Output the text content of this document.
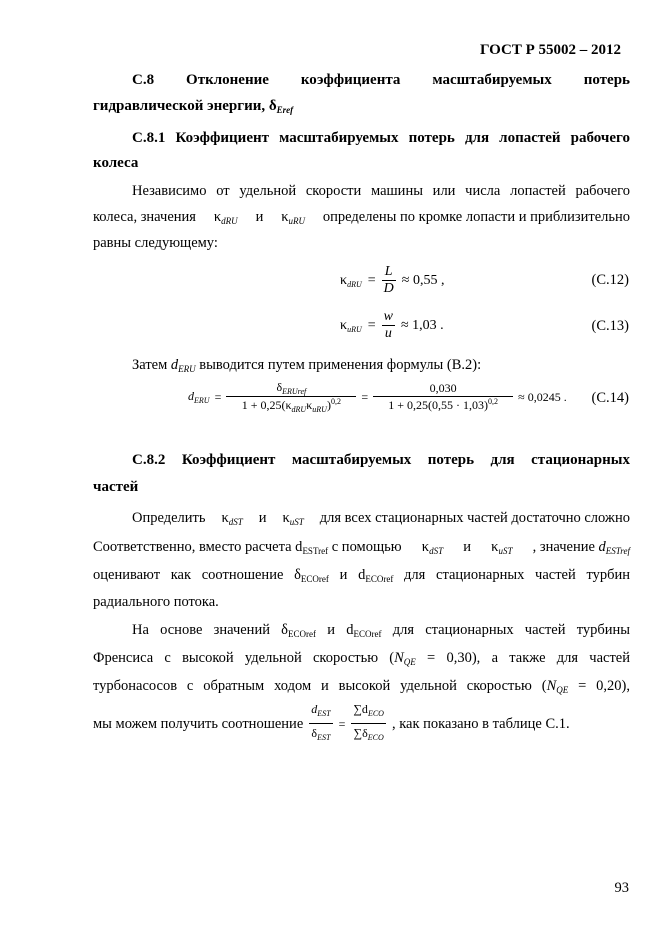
ГОСТ Р 55002 – 2012
С.8 Отклонение коэффициента масштабируемых потерь
гидравлической энергии, $\delta_{Eref}$
С.8.1 Коэффициент масштабируемых потерь для лопастей рабочего
колеса
Независимо от удельной скорости машины или числа лопастей рабочего
колеса, значения $\kappa_{dRU}$ и $\kappa_{uRU}$ определены по кромке лопасти и приблизительно
равны следующему:
$\kappa_{dRU} = \frac{L}{D} \approx 0,55$ ,	(С.12)
$\kappa_{uRU} = \frac{w}{u} \approx 1,03$ .	(С.13)
Затем $d_{ERU}$ выводится путем применения формулы (В.2):
$d_{ERU} = \frac{\delta_{ERUref}}{1 + 0,25(\kappa_{dRU}\kappa_{uRU})^{0,2}} = \frac{0,030}{1 + 0,25(0,55 \cdot 1,03)^{0,2}} \approx 0,0245$ . (С.14)
С.8.2 Коэффициент масштабируемых потерь для стационарных
частей
Определить $\kappa_{dST}$ и $\kappa_{uST}$ для всех стационарных частей достаточно сложно
Соответственно, вместо расчета $d_{ESTref}$ с помощью $\kappa_{dST}$ и $\kappa_{uST}$ , значение $d_{ESTref}$
оценивают как соотношение $\delta_{ECOref}$ и $d_{ECOref}$ для стационарных частей турбин
радиального потока.
На основе значений $\delta_{ECOref}$ и $d_{ECOref}$ для стационарных частей турбины
Френсиса с высокой удельной скоростью $(N_{QE} = 0,30)$, а также для частей
турбонасосов с обратным ходом и высокой удельной скоростью $(N_{QE} = 0,20)$,
мы можем получить соотношение $\frac{d_{EST}}{\delta_{EST}} = \frac{\sum d_{ECO}}{\sum\delta_{ECO}}$ , как показано в таблице С.1.
93
